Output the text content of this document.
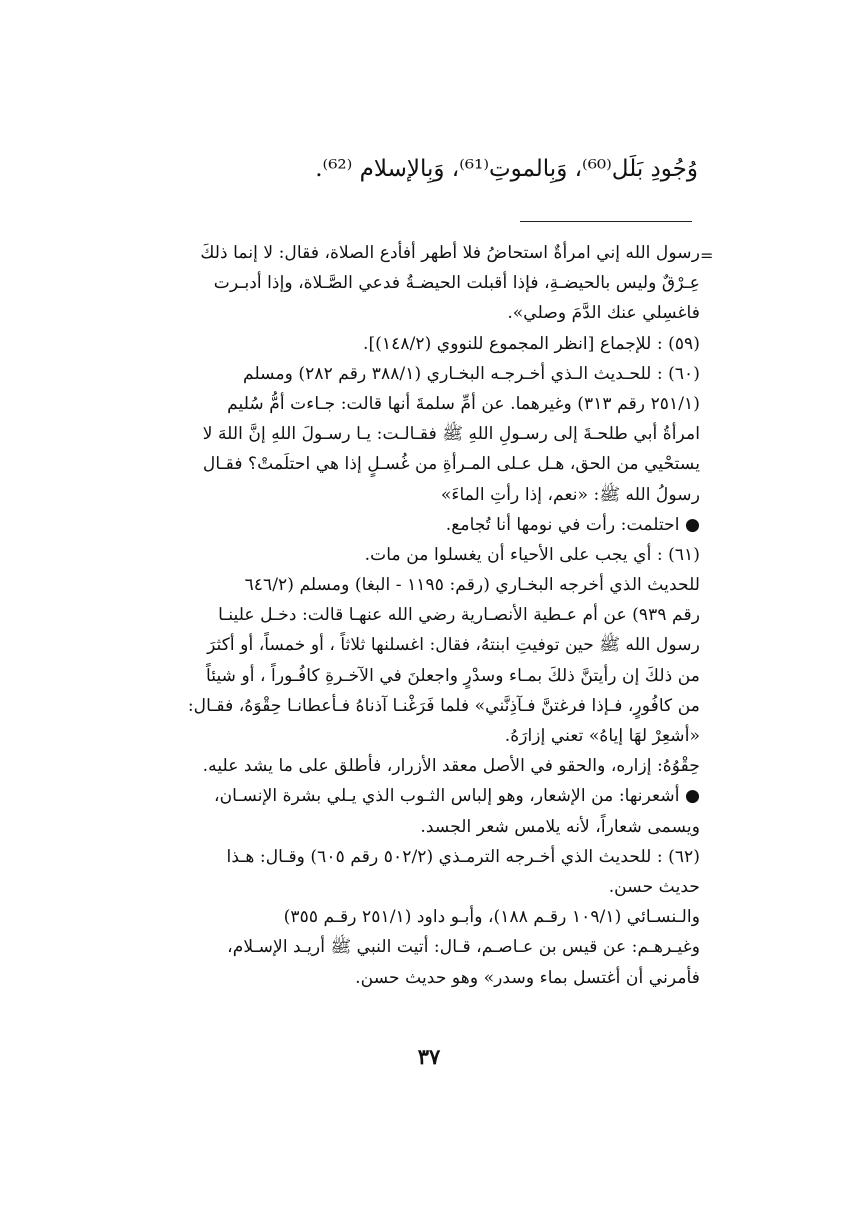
وُجُودِ بَلَل⁽⁶⁰⁾، وَبِالموتِ⁽⁶¹⁾، وَبِالإسلام ⁽⁶²⁾.
=
رسول الله إني امرأةٌ استحاضُ فلا أطهر أفأدع الصلاة، فقال: لا إنما ذلكَ
عِـرْقٌ وليس بالحيضـةِ، فإذا أقبلت الحيضـةُ فدعي الصَّـلاة، وإذا أدبـرت
فاغسِلي عنك الدَّمَ وصلي».
(٥٩) : للإجماع [انظر المجموع للنووي (١٤٨/٢)].
(٦٠) : للحـديث الـذي أخـرجـه البخـاري (٣٨٨/١ رقم ٢٨٢) ومسلم
(٢٥١/١ رقم ٣١٣) وغيرهما. عن أمِّ سلمةَ أنها قالت: جـاءت أمُّ سُليم
امرأةُ أبي طلحـةَ إلى رسـولِ اللهِ ﷺ فقـالـت: يـا رسـولَ اللهِ إنَّ اللهَ لا
يستحْيي من الحق، هـل عـلى المـرأةِ من غُسـلٍ إذا هي احتلَمتْ؟ فقـال
رسولُ الله ﷺ: «نعم، إذا رأتِ الماءَ»
● احتلمت: رأت في نومها أنا تُجامع.
(٦١) : أي يجب على الأحياء أن يغسلوا من مات.
للحديث الذي أخرجه البخـاري (رقم: ١١٩٥ - البغا) ومسلم (٦٤٦/٢
رقم ٩٣٩) عن أم عـطية الأنصـارية رضي الله عنهـا قالت: دخـل علينـا
رسول الله ﷺ حين توفيتِ ابنتهُ، فقال: اغسلنها ثلاثاً ، أو خمساً، أو أكثرَ
من ذلكَ إن رأيتنَّ ذلكَ بمـاء وسدْرٍ واجعلنَ في الآخـرةِ كافُـوراً ، أو شيئاً
من كافُورٍ، فـإذا فرغتنَّ فـآذِنَّني» فلما فَرَغْنـا آذناهُ فـأعطانـا حِقْوَهُ، فقـال:
«أشعِرْ لهَا إياهُ» تعني إزارَهُ.
حِقْوُهُ: إزاره، والحقو في الأصل معقد الأزرار، فأطلق على ما يشد عليه.
● أشعرنها: من الإشعار، وهو إلباس الثـوب الذي يـلي بشرة الإنسـان،
ويسمى شعاراً، لأنه يلامس شعر الجسد.
(٦٢) : للحديث الذي أخـرجه الترمـذي (٥٠٢/٢ رقم ٦٠٥) وقـال: هـذا
حديث حسن.
والـنسـائي (١٠٩/١ رقـم ١٨٨)، وأبـو داود (٢٥١/١ رقـم ٣٥٥)
وغيـرهـم: عن قيس بن عـاصـم، قـال: أتيت النبي ﷺ أريـد الإسـلام،
فأمرني أن أغتسل بماء وسدر» وهو حديث حسن.
٣٧
